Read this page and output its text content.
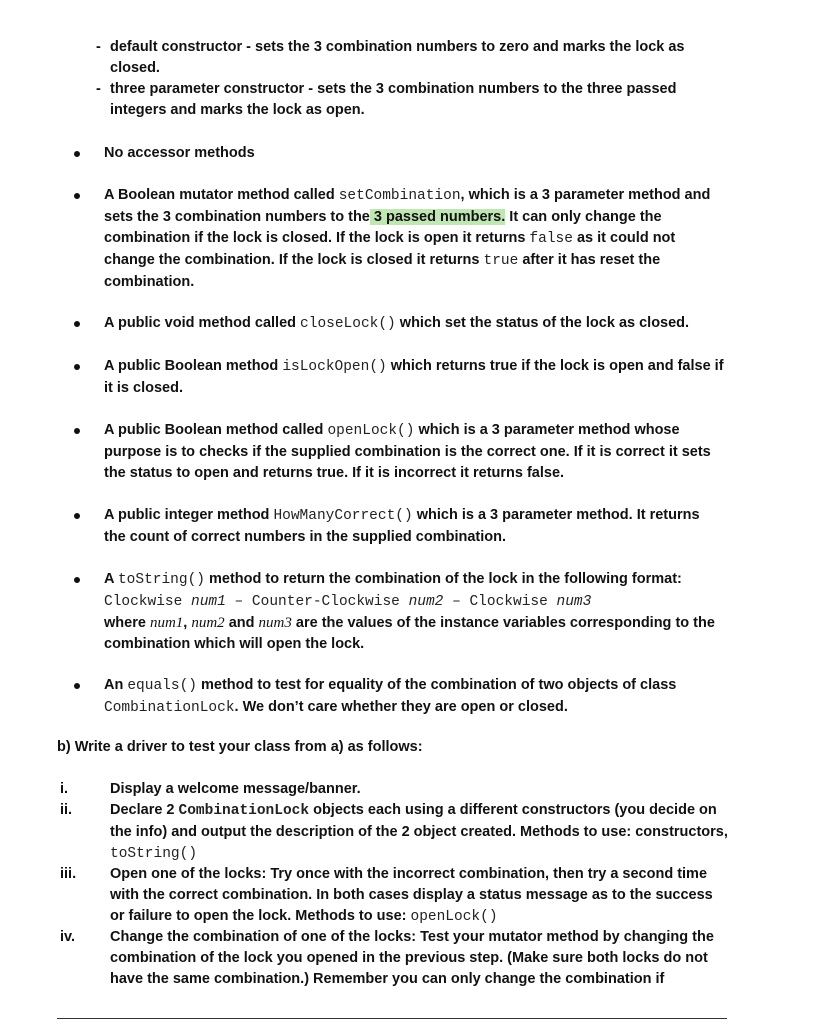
- default constructor - sets the 3 combination numbers to zero and marks the lock as closed.
- three parameter constructor - sets the 3 combination numbers to the three passed integers and marks the lock as open.
No accessor methods
A Boolean mutator method called setCombination, which is a 3 parameter method and sets the 3 combination numbers to the 3 passed numbers. It can only change the combination if the lock is closed. If the lock is open it returns false as it could not change the combination. If the lock is closed it returns true after it has reset the combination.
A public void method called closeLock() which set the status of the lock as closed.
A public Boolean method isLockOpen() which returns true if the lock is open and false if it is closed.
A public Boolean method called openLock() which is a 3 parameter method whose purpose is to checks if the supplied combination is the correct one. If it is correct it sets the status to open and returns true. If it is incorrect it returns false.
A public integer method HowManyCorrect() which is a 3 parameter method. It returns the count of correct numbers in the supplied combination.
A toString() method to return the combination of the lock in the following format:
Clockwise num1 – Counter-Clockwise num2 – Clockwise num3
where num1, num2 and num3 are the values of the instance variables corresponding to the combination which will open the lock.
An equals() method to test for equality of the combination of two objects of class CombinationLock. We don’t care whether they are open or closed.
b) Write a driver to test your class from a) as follows:
i.	Display a welcome message/banner.
ii.	Declare 2 CombinationLock objects each using a different constructors (you decide on the info) and output the description of the 2 object created. Methods to use: constructors, toString()
iii.	Open one of the locks: Try once with the incorrect combination, then try a second time with the correct combination. In both cases display a status message as to the success or failure to open the lock. Methods to use: openLock()
iv.	Change the combination of one of the locks: Test your mutator method by changing the combination of the lock you opened in the previous step. (Make sure both locks do not have the same combination.) Remember you can only change the combination if
